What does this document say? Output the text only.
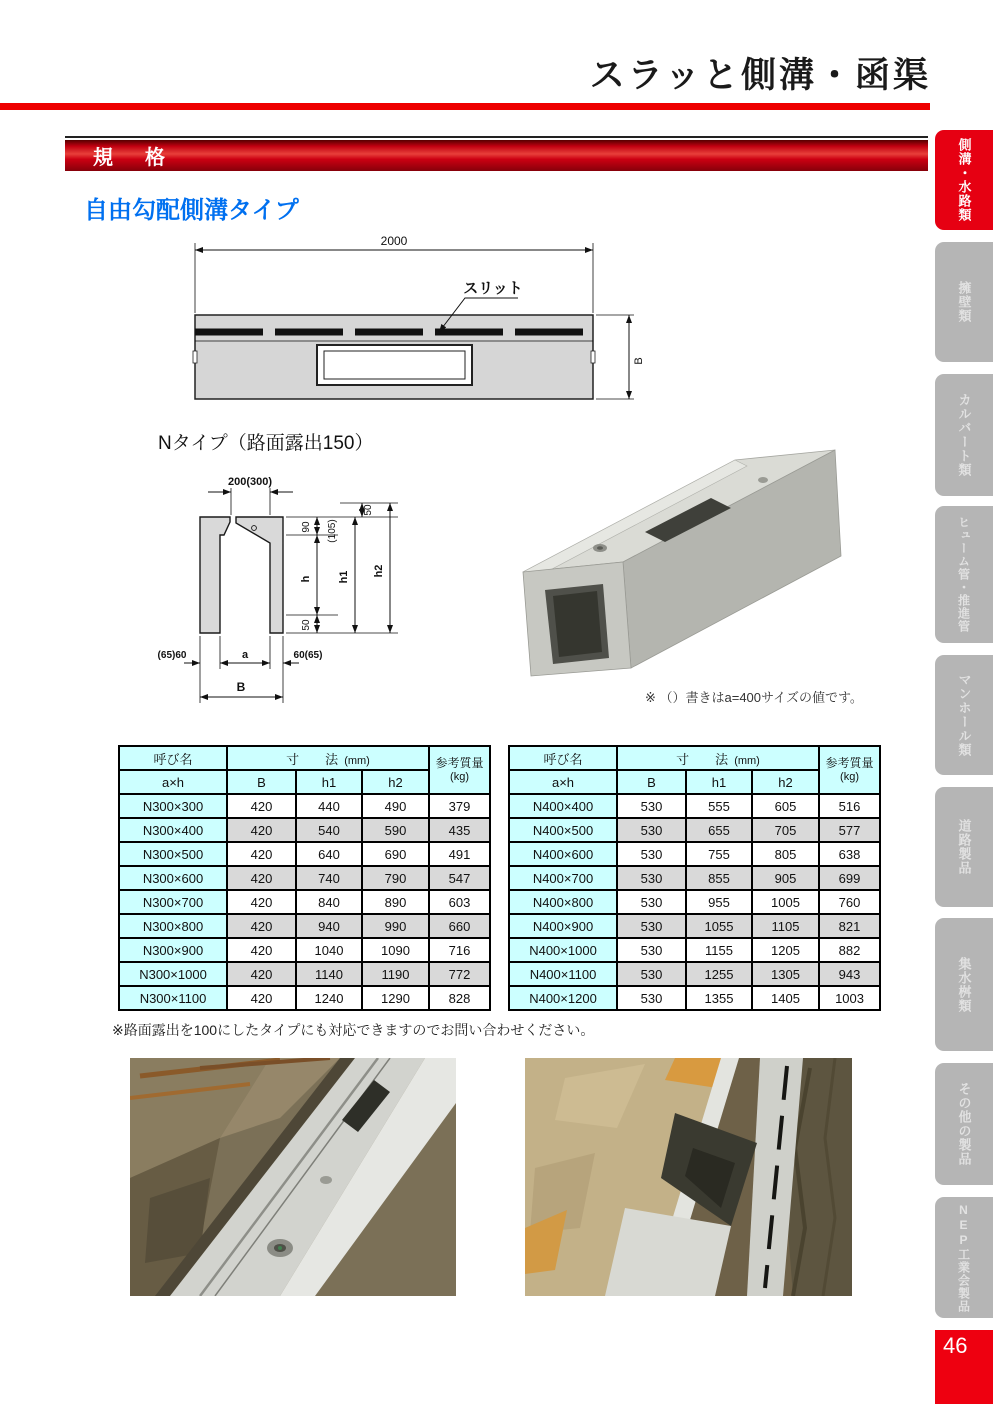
スラッと側溝・函渠
規　格
自由勾配側溝タイプ
2000
スリット
B
Nタイプ（路面露出150）
200(300)
50
90 (105)
h
50
h1 h2
(65)60	a	60(65)
B
※ （）書きはa=400サイズの値です。
呼び名	寸　　法 (mm)			参考質量
(kg)

a×h	B	h1	h2	
N300×300	420	440	490	379
N300×400	420	540	590	435
N300×500	420	640	690	491
N300×600	420	740	790	547
N300×700	420	840	890	603
N300×800	420	940	990	660
N300×900	420	1040	1090	716
N300×1000	420	1140	1190	772
N300×1100	420	1240	1290	828
呼び名	寸　　法 (mm)			参考質量
(kg)

a×h	B	h1	h2	
N400×400	530	555	605	516
N400×500	530	655	705	577
N400×600	530	755	805	638
N400×700	530	855	905	699
N400×800	530	955	1005	760
N400×900	530	1055	1105	821
N400×1000	530	1155	1205	882
N400×1100	530	1255	1305	943
N400×1200	530	1355	1405	1003
※路面露出を100にしたタイプにも対応できますのでお問い合わせください。
側溝・水路類
擁壁類
カルバート類
ヒューム管・推進管
マンホール類
道路製品
集水桝類
その他の製品
NEP工業会製品
46
